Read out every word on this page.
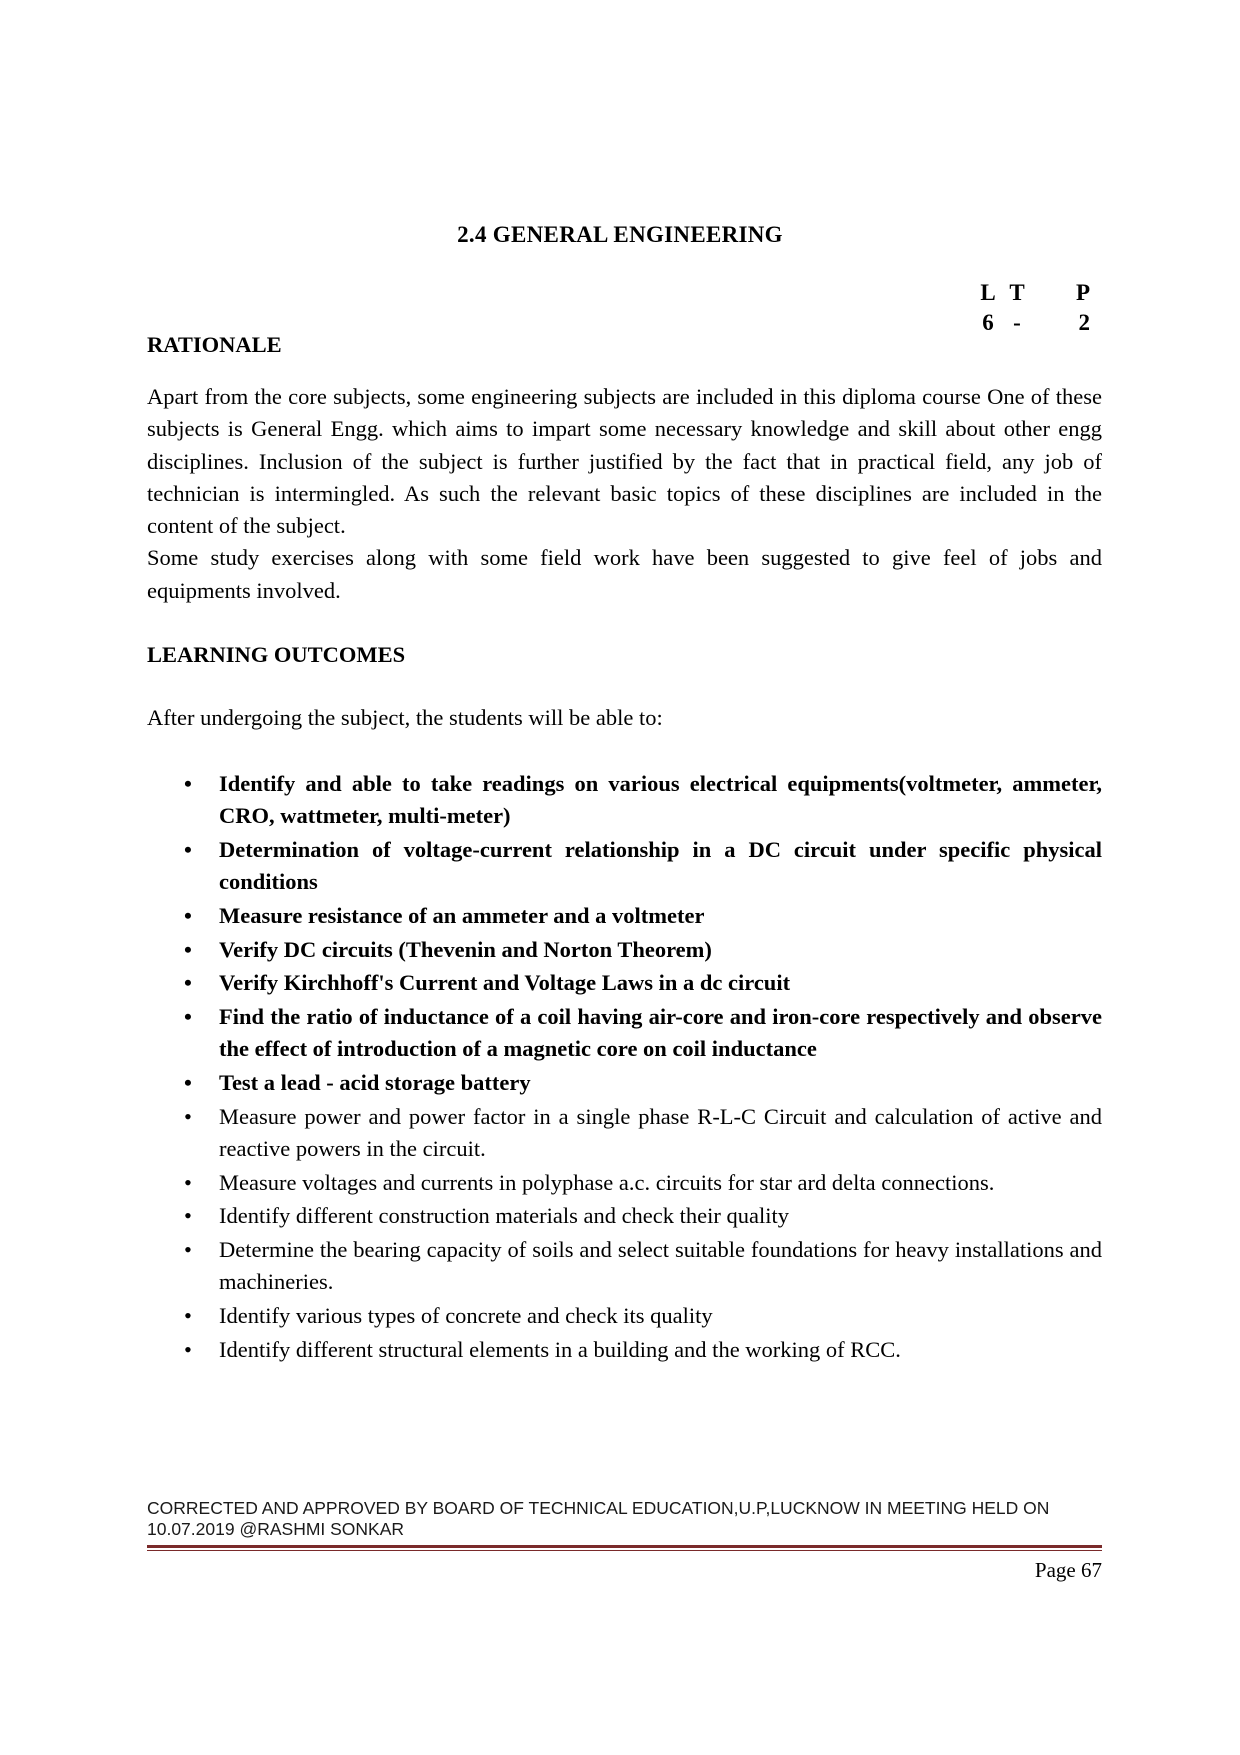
2.4 GENERAL ENGINEERING
L T	P
6 -	2
RATIONALE

Apart from the core subjects, some engineering subjects are included in this diploma course One of these subjects is General Engg. which aims to impart some necessary knowledge and skill about other engg disciplines. Inclusion of the subject is further justified by the fact that in practical field, any job of technician is intermingled. As such the relevant basic topics of these disciplines are included in the content of the subject.

Some study exercises along with some field work have been suggested to give feel of jobs and equipments involved.

LEARNING OUTCOMES
After undergoing the subject, the students will be able to:
• Identify and able to take readings on various electrical equipments(voltmeter, ammeter, CRO, wattmeter, multi-meter)
• Determination of voltage-current relationship in a DC circuit under specific physical conditions
• Measure resistance of an ammeter and a voltmeter
• Verify DC circuits (Thevenin and Norton Theorem)
• Verify Kirchhoff's Current and Voltage Laws in a dc circuit
• Find the ratio of inductance of a coil having air-core and iron-core respectively and observe the effect of introduction of a magnetic core on coil inductance
• Test a lead - acid storage battery
• Measure power and power factor in a single phase R-L-C Circuit and calculation of active and reactive powers in the circuit.
• Measure voltages and currents in polyphase a.c. circuits for star ard delta connections.
• Identify different construction materials and check their quality
• Determine the bearing capacity of soils and select suitable foundations for heavy installations and machineries.
• Identify various types of concrete and check its quality
• Identify different structural elements in a building and the working of RCC.
CORRECTED AND APPROVED BY BOARD OF TECHNICAL EDUCATION,U.P,LUCKNOW IN MEETING HELD ON
10.07.2019 @RASHMI SONKAR
Page 67
